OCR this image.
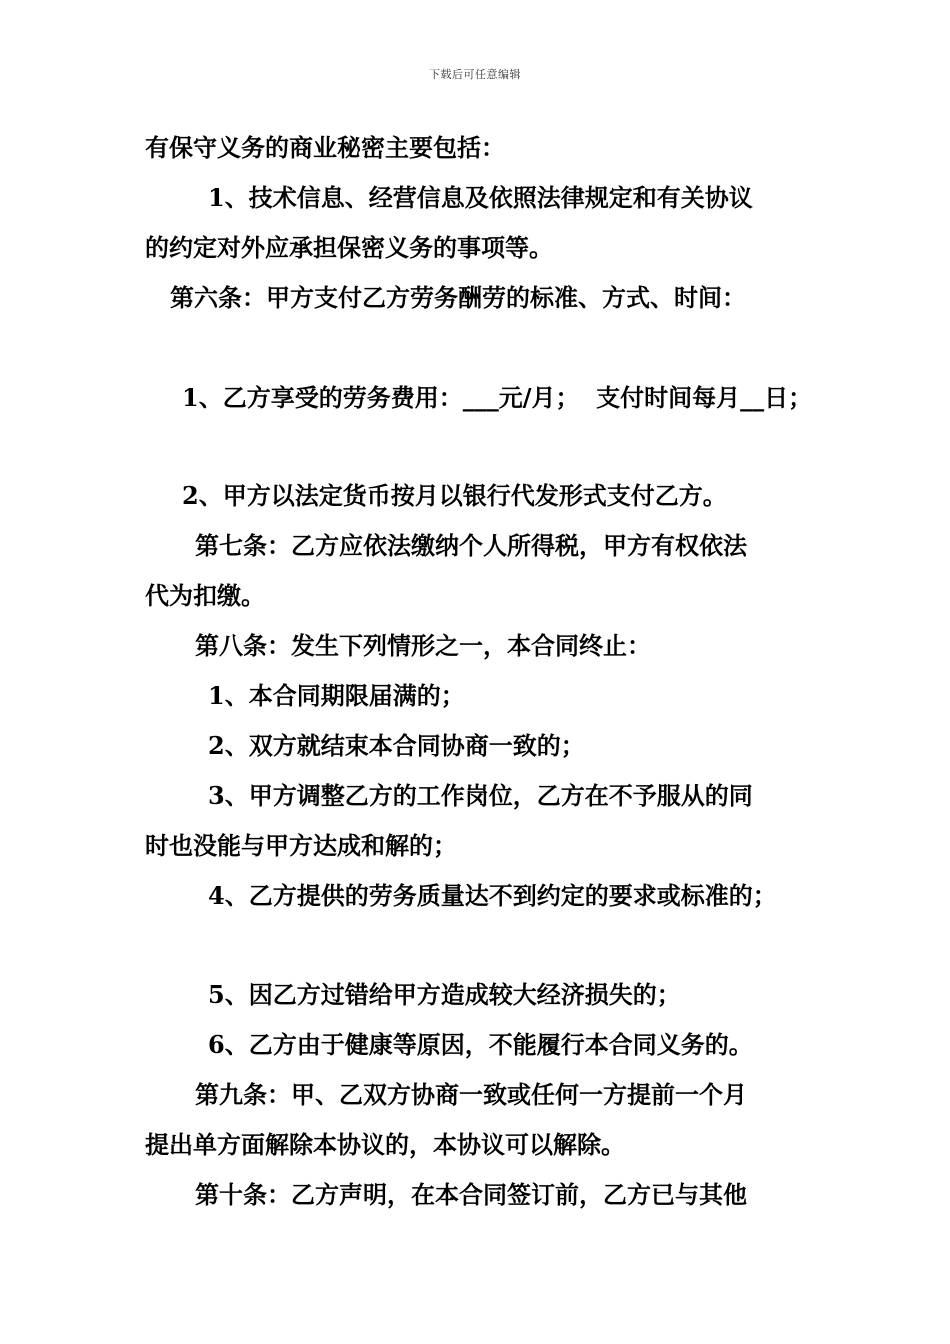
下载后可任意编辑
有保守义务的商业秘密主要包括：
1、技术信息、经营信息及依照法律规定和有关协议
的约定对外应承担保密义务的事项等。
第六条：甲方支付乙方劳务酬劳的标准、方式、时间：
1、乙方享受的劳务费用：___元/月；  支付时间每月__日；
2、甲方以法定货币按月以银行代发形式支付乙方。
第七条：乙方应依法缴纳个人所得税，甲方有权依法
代为扣缴。
第八条：发生下列情形之一，本合同终止：
1、本合同期限届满的；
2、双方就结束本合同协商一致的；
3、甲方调整乙方的工作岗位，乙方在不予服从的同
时也没能与甲方达成和解的；
4、乙方提供的劳务质量达不到约定的要求或标准的；
5、因乙方过错给甲方造成较大经济损失的；
6、乙方由于健康等原因，不能履行本合同义务的。
第九条：甲、乙双方协商一致或任何一方提前一个月
提出单方面解除本协议的，本协议可以解除。
第十条：乙方声明，在本合同签订前，乙方已与其他
